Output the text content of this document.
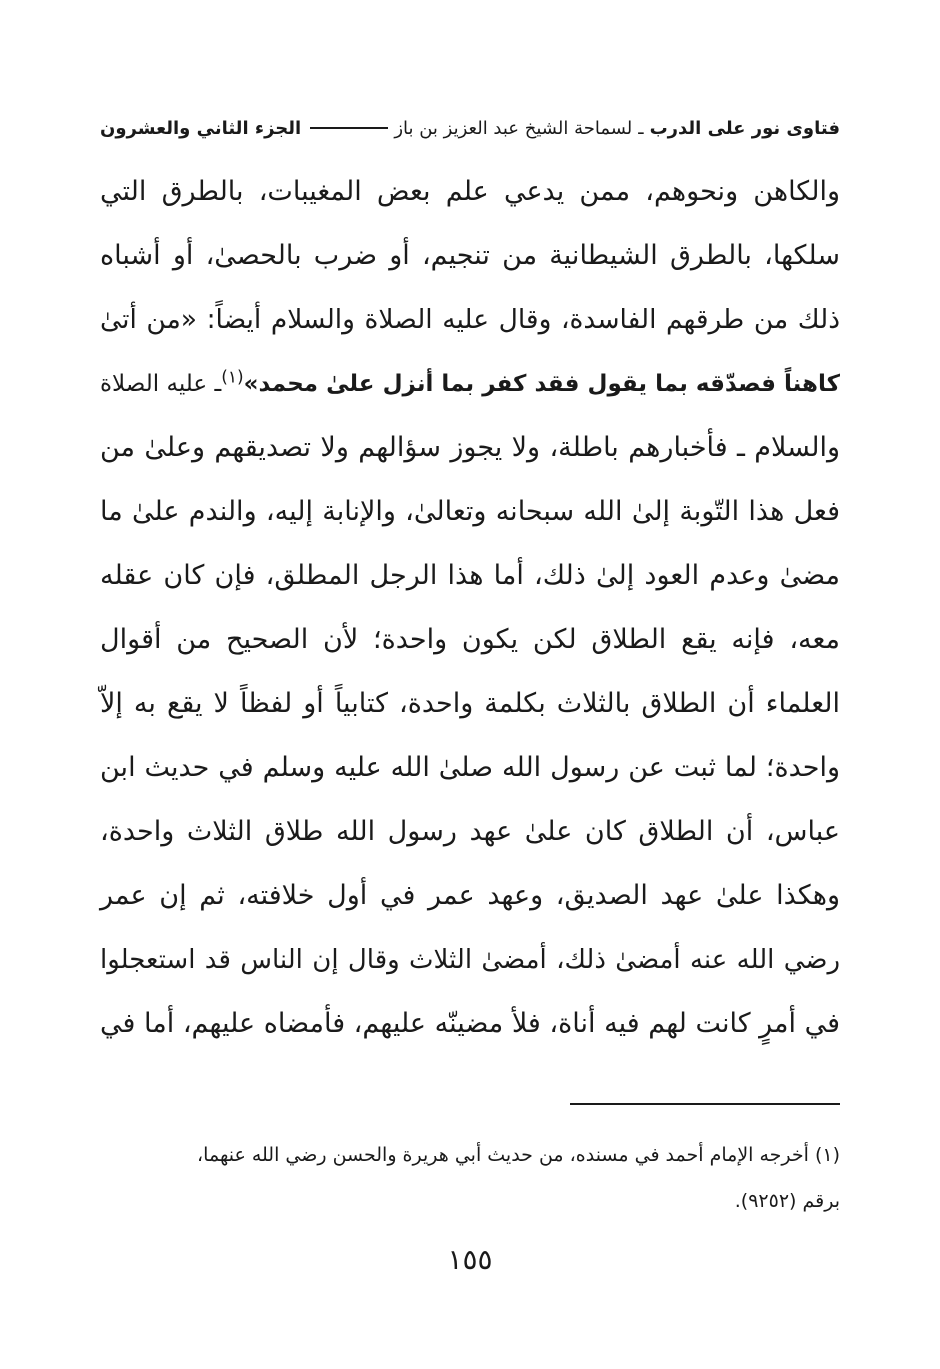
فتاوى نور على الدرب
ـ
لسماحة الشيخ عبد العزيز بن باز
الجزء الثاني والعشرون
والكاهن ونحوهم، ممن يدعي علم بعض المغيبات، بالطرق التي
سلكها، بالطرق الشيطانية من تنجيم، أو ضرب بالحصىٰ، أو أشباه
ذلك من طرقهم الفاسدة، وقال عليه الصلاة والسلام أيضاً: «من أتىٰ
كاهناً فصدّقه بما يقول فقد كفر بما أنزل علىٰ محمد»$^{(١)}$ـ عليه الصلاة
والسلام ـ فأخبارهم باطلة، ولا يجوز سؤالهم ولا تصديقهم وعلىٰ من
فعل هذا التّوبة إلىٰ الله سبحانه وتعالىٰ، والإنابة إليه، والندم علىٰ ما
مضىٰ وعدم العود إلىٰ ذلك، أما هذا الرجل المطلق، فإن كان عقله
معه، فإنه يقع الطلاق لكن يكون واحدة؛ لأن الصحيح من أقوال
العلماء أن الطلاق بالثلاث بكلمة واحدة، كتابياً أو لفظاً لا يقع به إلاّ
واحدة؛ لما ثبت عن رسول الله صلىٰ الله عليه وسلم في حديث ابن
عباس، أن الطلاق كان علىٰ عهد رسول الله طلاق الثلاث واحدة،
وهكذا علىٰ عهد الصديق، وعهد عمر في أول خلافته، ثم إن عمر
رضي الله عنه أمضىٰ ذلك، أمضىٰ الثلاث وقال إن الناس قد استعجلوا
في أمرٍ كانت لهم فيه أناة، فلأ مضينّه عليهم، فأمضاه عليهم، أما في
(١) أخرجه الإمام أحمد في مسنده، من حديث أبي هريرة والحسن رضي الله عنهما،
برقم (٩٢٥٢).
١٥٥
